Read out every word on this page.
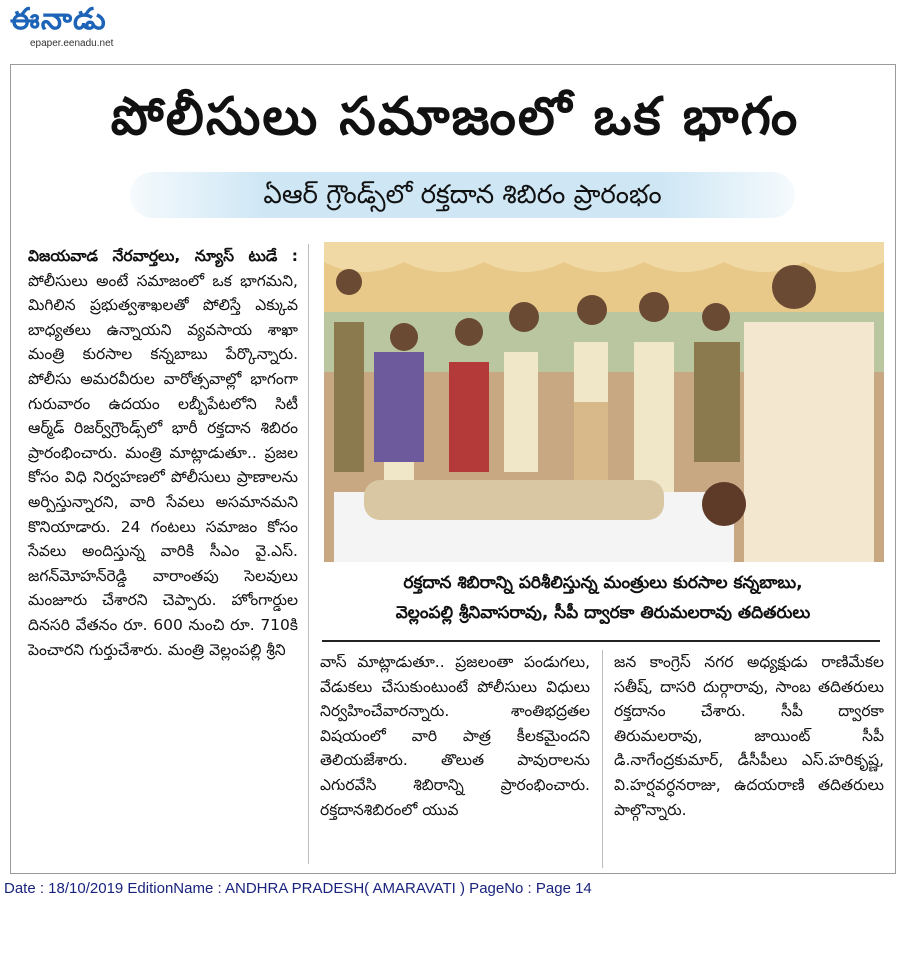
ఈనాడు
epaper.eenadu.net
పోలీసులు సమాజంలో ఒక భాగం
ఏఆర్ గ్రౌండ్స్‌లో రక్తదాన శిబిరం ప్రారంభం
విజయవాడ నేరవార్తలు, న్యూస్ టుడే : పోలీసులు అంటే సమాజంలో ఒక భాగమని, మిగిలిన ప్రభుత్వశాఖలతో పోలిస్తే ఎక్కువ బాధ్యతలు ఉన్నాయని వ్యవసాయ శాఖా మంత్రి కురసాల కన్నబాబు పేర్కొన్నారు. పోలీసు అమరవీరుల వారోత్సవాల్లో భాగంగా గురువారం ఉదయం లబ్బీపేటలోని సిటీ ఆర్మ్‌డ్ రిజర్వ్‌గ్రౌండ్స్‌లో భారీ రక్తదాన శిబిరం ప్రారంభించారు. మంత్రి మాట్లాడుతూ.. ప్రజల కోసం విధి నిర్వహణలో పోలీసులు ప్రాణాలను అర్పిస్తున్నారని, వారి సేవలు అసమానమని కొనియాడారు. 24 గంటలు సమాజం కోసం సేవలు అందిస్తున్న వారికి సీఎం వై.ఎస్. జగన్‌మోహన్‌రెడ్డి వారాంతపు సెలవులు మంజూరు చేశారని చెప్పారు. హోంగార్డుల దినసరి వేతనం రూ. 600 నుంచి రూ. 710కి పెంచారని గుర్తుచేశారు. మంత్రి వెల్లంపల్లి శ్రీని
రక్తదాన శిబిరాన్ని పరిశీలిస్తున్న మంత్రులు కురసాల కన్నబాబు,
వెల్లంపల్లి శ్రీనివాసరావు, సీపీ ద్వారకా తిరుమలరావు తదితరులు
వాస్ మాట్లాడుతూ.. ప్రజలంతా పండుగలు, వేడుకలు చేసుకుంటుంటే పోలీసులు విధులు నిర్వహించేవారన్నారు. శాంతిభద్రతల విషయంలో వారి పాత్ర కీలకమైందని తెలియజేశారు. తొలుత పావురాలను ఎగురవేసి శిబిరాన్ని ప్రారంభించారు. రక్తదానశిబిరంలో యువ
జన కాంగ్రెస్ నగర అధ్యక్షుడు రాణిమేకల సతీష్, దాసరి దుర్గారావు, సాంబ తదితరులు రక్తదానం చేశారు. సీపీ ద్వారకా తిరుమలరావు, జాయింట్ సీపీ డి.నాగేంద్రకుమార్, డీసీపీలు ఎస్.హరికృష్ణ, వి.హర్షవర్ధనరాజు, ఉదయరాణి తదితరులు పాల్గొన్నారు.
Date : 18/10/2019 EditionName : ANDHRA PRADESH( AMARAVATI ) PageNo : Page 14
